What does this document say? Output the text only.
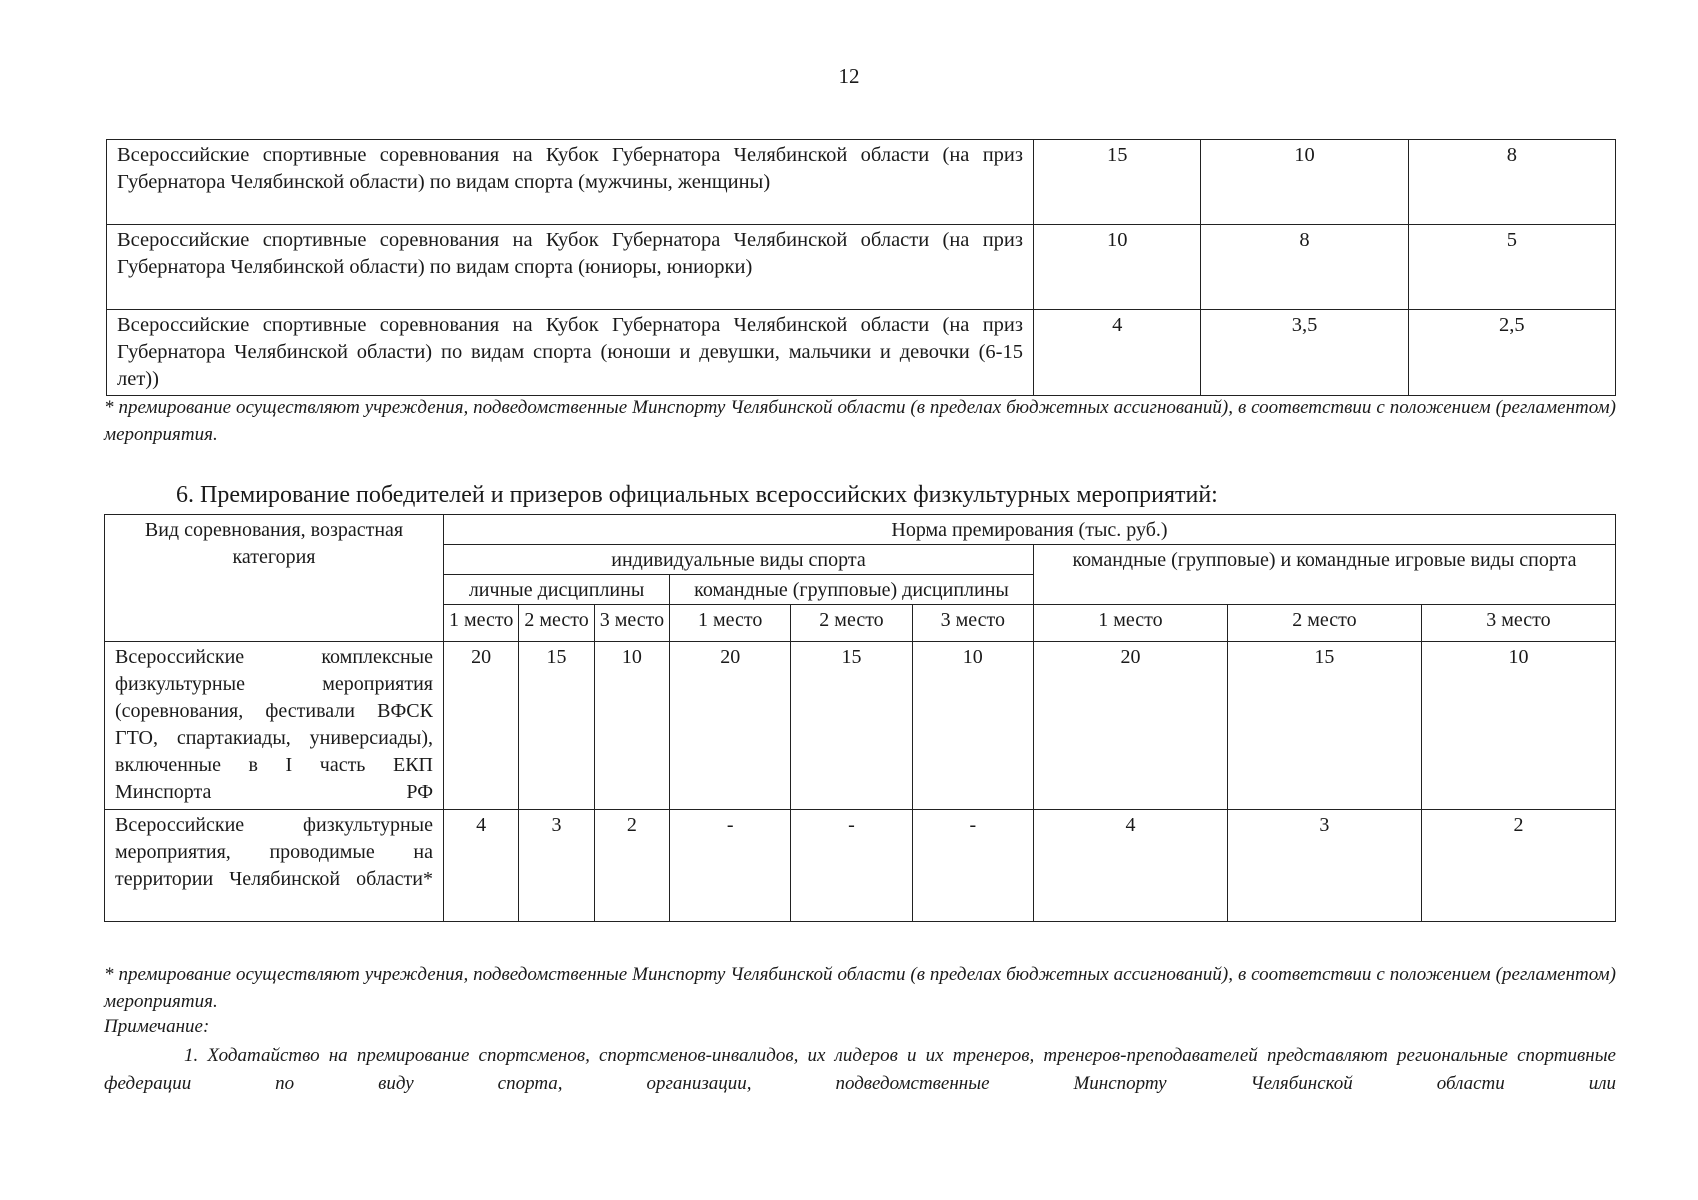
12
Всероссийские спортивные соревнования на Кубок Губернатора Челябинской области (на приз Губернатора Челябинской области) по видам спорта (мужчины, женщины)	15	10	8
Всероссийские спортивные соревнования на Кубок Губернатора Челябинской области (на приз Губернатора Челябинской области) по видам спорта (юниоры, юниорки)	10	8	5
Всероссийские спортивные соревнования на Кубок Губернатора Челябинской области (на приз Губернатора Челябинской области) по видам спорта (юноши и девушки, мальчики и девочки (6-15 лет))	4	3,5	2,5
* премирование осуществляют учреждения, подведомственные Минспорту Челябинской области (в пределах бюджетных ассигнований), в соответствии с положением (регламентом) мероприятия.
6. Премирование победителей и призеров официальных всероссийских физкультурных мероприятий:
Вид соревнования, возрастная категория	Норма премирования (тыс. руб.)								
	индивидуальные виды спорта						командные (групповые) и командные игровые виды спорта		
	личные дисциплины			командные (групповые) дисциплины					
	1 место	2 место	3 место	1 место	2 место	3 место	1 место	2 место	3 место
Всероссийские комплексные физкультурные мероприятия (соревнования, фестивали ВФСК ГТО, спартакиады, универсиады), включенные в I часть ЕКП Минспорта РФ	20	15	10	20	15	10	20	15	10
Всероссийские физкультурные мероприятия, проводимые на территории Челябинской области*	4	3	2	-	-	-	4	3	2
* премирование осуществляют учреждения, подведомственные Минспорту Челябинской области (в пределах бюджетных ассигнований), в соответствии с положением (регламентом) мероприятия.
Примечание:
1. Ходатайство на премирование спортсменов, спортсменов-инвалидов, их лидеров и их тренеров, тренеров-преподавателей представляют региональные спортивные федерации по виду спорта, организации, подведомственные Минспорту Челябинской области или
